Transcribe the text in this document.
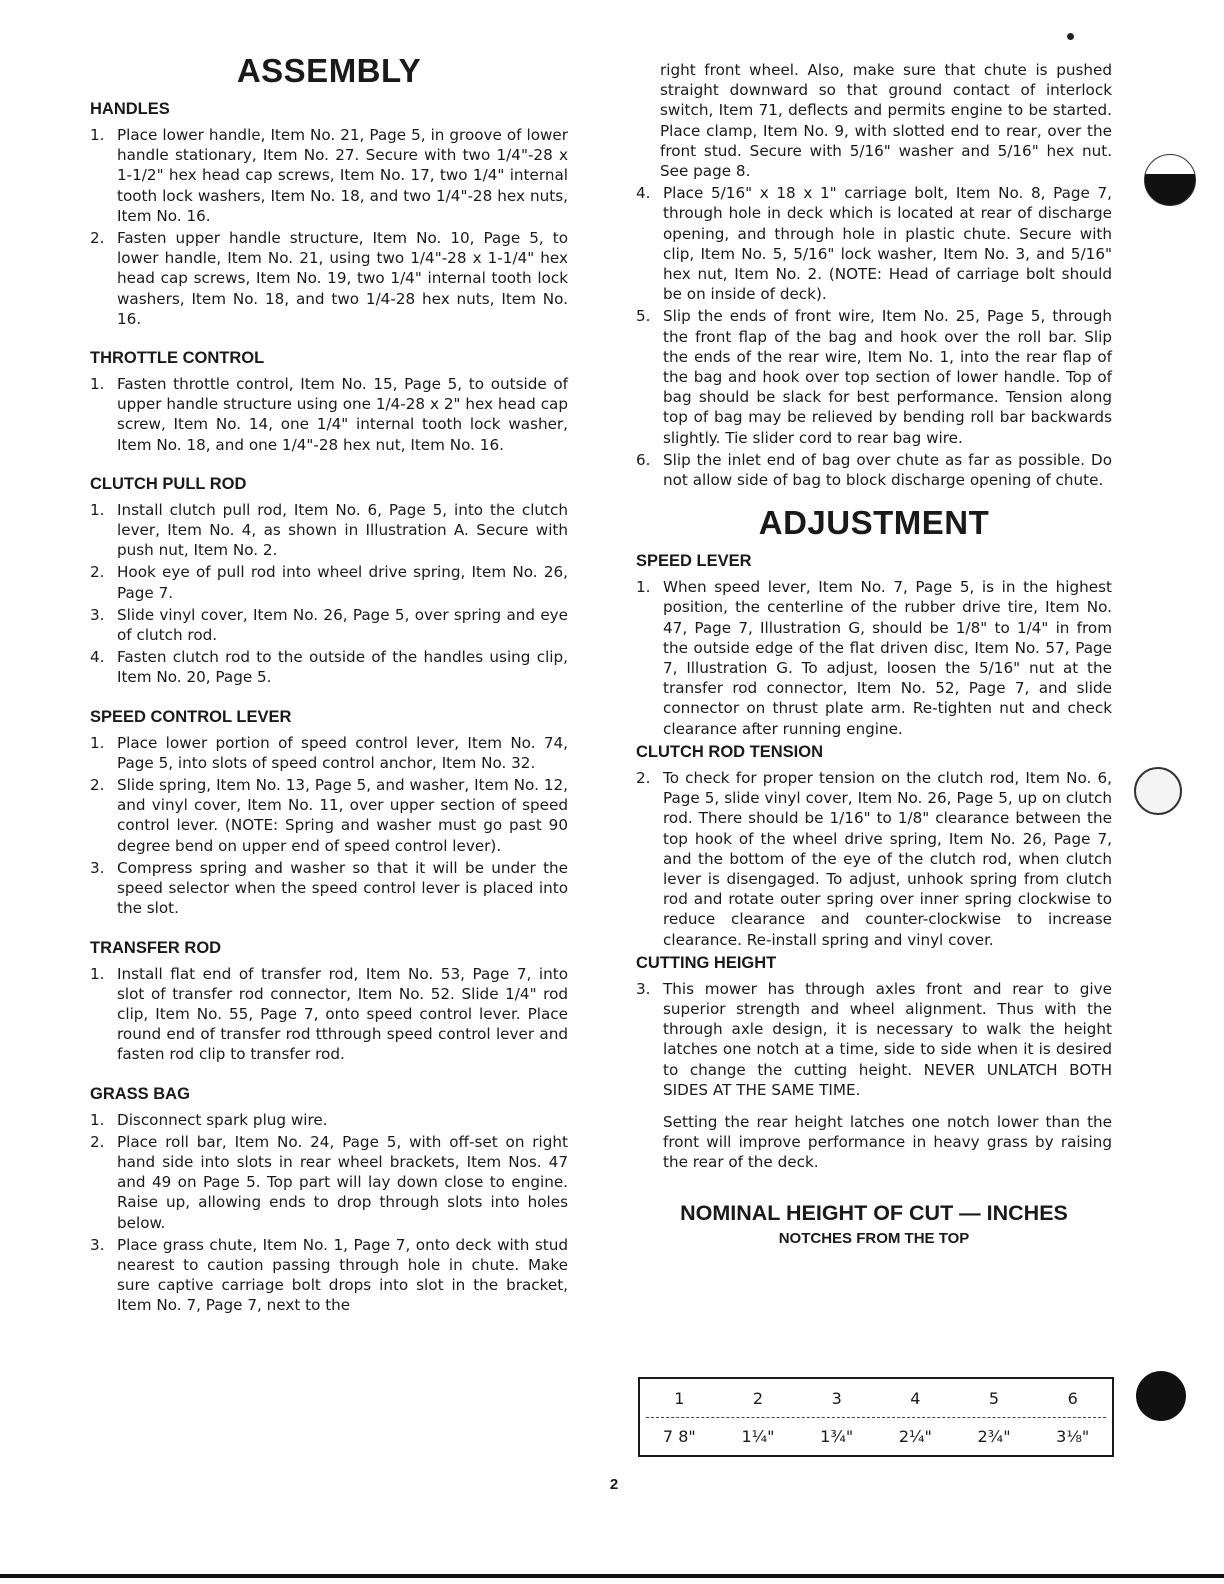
ASSEMBLY
HANDLES
1. Place lower handle, Item No. 21, Page 5, in groove of lower handle stationary, Item No. 27. Secure with two 1/4"-28 x 1-1/2" hex head cap screws, Item No. 17, two 1/4" internal tooth lock washers, Item No. 18, and two 1/4"-28 hex nuts, Item No. 16.
2. Fasten upper handle structure, Item No. 10, Page 5, to lower handle, Item No. 21, using two 1/4"-28 x 1-1/4" hex head cap screws, Item No. 19, two 1/4" internal tooth lock washers, Item No. 18, and two 1/4-28 hex nuts, Item No. 16.
THROTTLE CONTROL
1. Fasten throttle control, Item No. 15, Page 5, to outside of upper handle structure using one 1/4-28 x 2" hex head cap screw, Item No. 14, one 1/4" internal tooth lock washer, Item No. 18, and one 1/4"-28 hex nut, Item No. 16.
CLUTCH PULL ROD
1. Install clutch pull rod, Item No. 6, Page 5, into the clutch lever, Item No. 4, as shown in Illustration A. Secure with push nut, Item No. 2.
2. Hook eye of pull rod into wheel drive spring, Item No. 26, Page 7.
3. Slide vinyl cover, Item No. 26, Page 5, over spring and eye of clutch rod.
4. Fasten clutch rod to the outside of the handles using clip, Item No. 20, Page 5.
SPEED CONTROL LEVER
1. Place lower portion of speed control lever, Item No. 74, Page 5, into slots of speed control anchor, Item No. 32.
2. Slide spring, Item No. 13, Page 5, and washer, Item No. 12, and vinyl cover, Item No. 11, over upper section of speed control lever. (NOTE: Spring and washer must go past 90 degree bend on upper end of speed control lever).
3. Compress spring and washer so that it will be under the speed selector when the speed control lever is placed into the slot.
TRANSFER ROD
1. Install flat end of transfer rod, Item No. 53, Page 7, into slot of transfer rod connector, Item No. 52. Slide 1/4" rod clip, Item No. 55, Page 7, onto speed control lever. Place round end of transfer rod tthrough speed control lever and fasten rod clip to transfer rod.
GRASS BAG
1. Disconnect spark plug wire.
2. Place roll bar, Item No. 24, Page 5, with off-set on right hand side into slots in rear wheel brackets, Item Nos. 47 and 49 on Page 5. Top part will lay down close to engine. Raise up, allowing ends to drop through slots into holes below.
3. Place grass chute, Item No. 1, Page 7, onto deck with stud nearest to caution passing through hole in chute. Make sure captive carriage bolt drops into slot in the bracket, Item No. 7, Page 7, next to the

right front wheel. Also, make sure that chute is pushed straight downward so that ground contact of interlock switch, Item 71, deflects and permits engine to be started. Place clamp, Item No. 9, with slotted end to rear, over the front stud. Secure with 5/16" washer and 5/16" hex nut. See page 8.

4. Place 5/16" x 18 x 1" carriage bolt, Item No. 8, Page 7, through hole in deck which is located at rear of discharge opening, and through hole in plastic chute. Secure with clip, Item No. 5, 5/16" lock washer, Item No. 3, and 5/16" hex nut, Item No. 2. (NOTE: Head of carriage bolt should be on inside of deck).
5. Slip the ends of front wire, Item No. 25, Page 5, through the front flap of the bag and hook over the roll bar. Slip the ends of the rear wire, Item No. 1, into the rear flap of the bag and hook over top section of lower handle. Top of bag should be slack for best performance. Tension along top of bag may be relieved by bending roll bar backwards slightly. Tie slider cord to rear bag wire.
6. Slip the inlet end of bag over chute as far as possible. Do not allow side of bag to block discharge opening of chute.
ADJUSTMENT
SPEED LEVER
1. When speed lever, Item No. 7, Page 5, is in the highest position, the centerline of the rubber drive tire, Item No. 47, Page 7, Illustration G, should be 1/8" to 1/4" in from the outside edge of the flat driven disc, Item No. 57, Page 7, Illustration G. To adjust, loosen the 5/16" nut at the transfer rod connector, Item No. 52, Page 7, and slide connector on thrust plate arm. Re-tighten nut and check clearance after running engine.
CLUTCH ROD TENSION
2. To check for proper tension on the clutch rod, Item No. 6, Page 5, slide vinyl cover, Item No. 26, Page 5, up on clutch rod. There should be 1/16" to 1/8" clearance between the top hook of the wheel drive spring, Item No. 26, Page 7, and the bottom of the eye of the clutch rod, when clutch lever is disengaged. To adjust, unhook spring from clutch rod and rotate outer spring over inner spring clockwise to reduce clearance and counter-clockwise to increase clearance. Re-install spring and vinyl cover.
CUTTING HEIGHT
3. This mower has through axles front and rear to give superior strength and wheel alignment. Thus with the through axle design, it is necessary to walk the height latches one notch at a time, side to side when it is desired to change the cutting height. NEVER UNLATCH BOTH SIDES AT THE SAME TIME.

Setting the rear height latches one notch lower than the front will improve performance in heavy grass by raising the rear of the deck.

NOMINAL HEIGHT OF CUT — INCHES
NOTCHES FROM THE TOP
1	2	3	4	5	6
7 8"	1¼"	1¾"	2¼"	2¾"	3⅛"
2
